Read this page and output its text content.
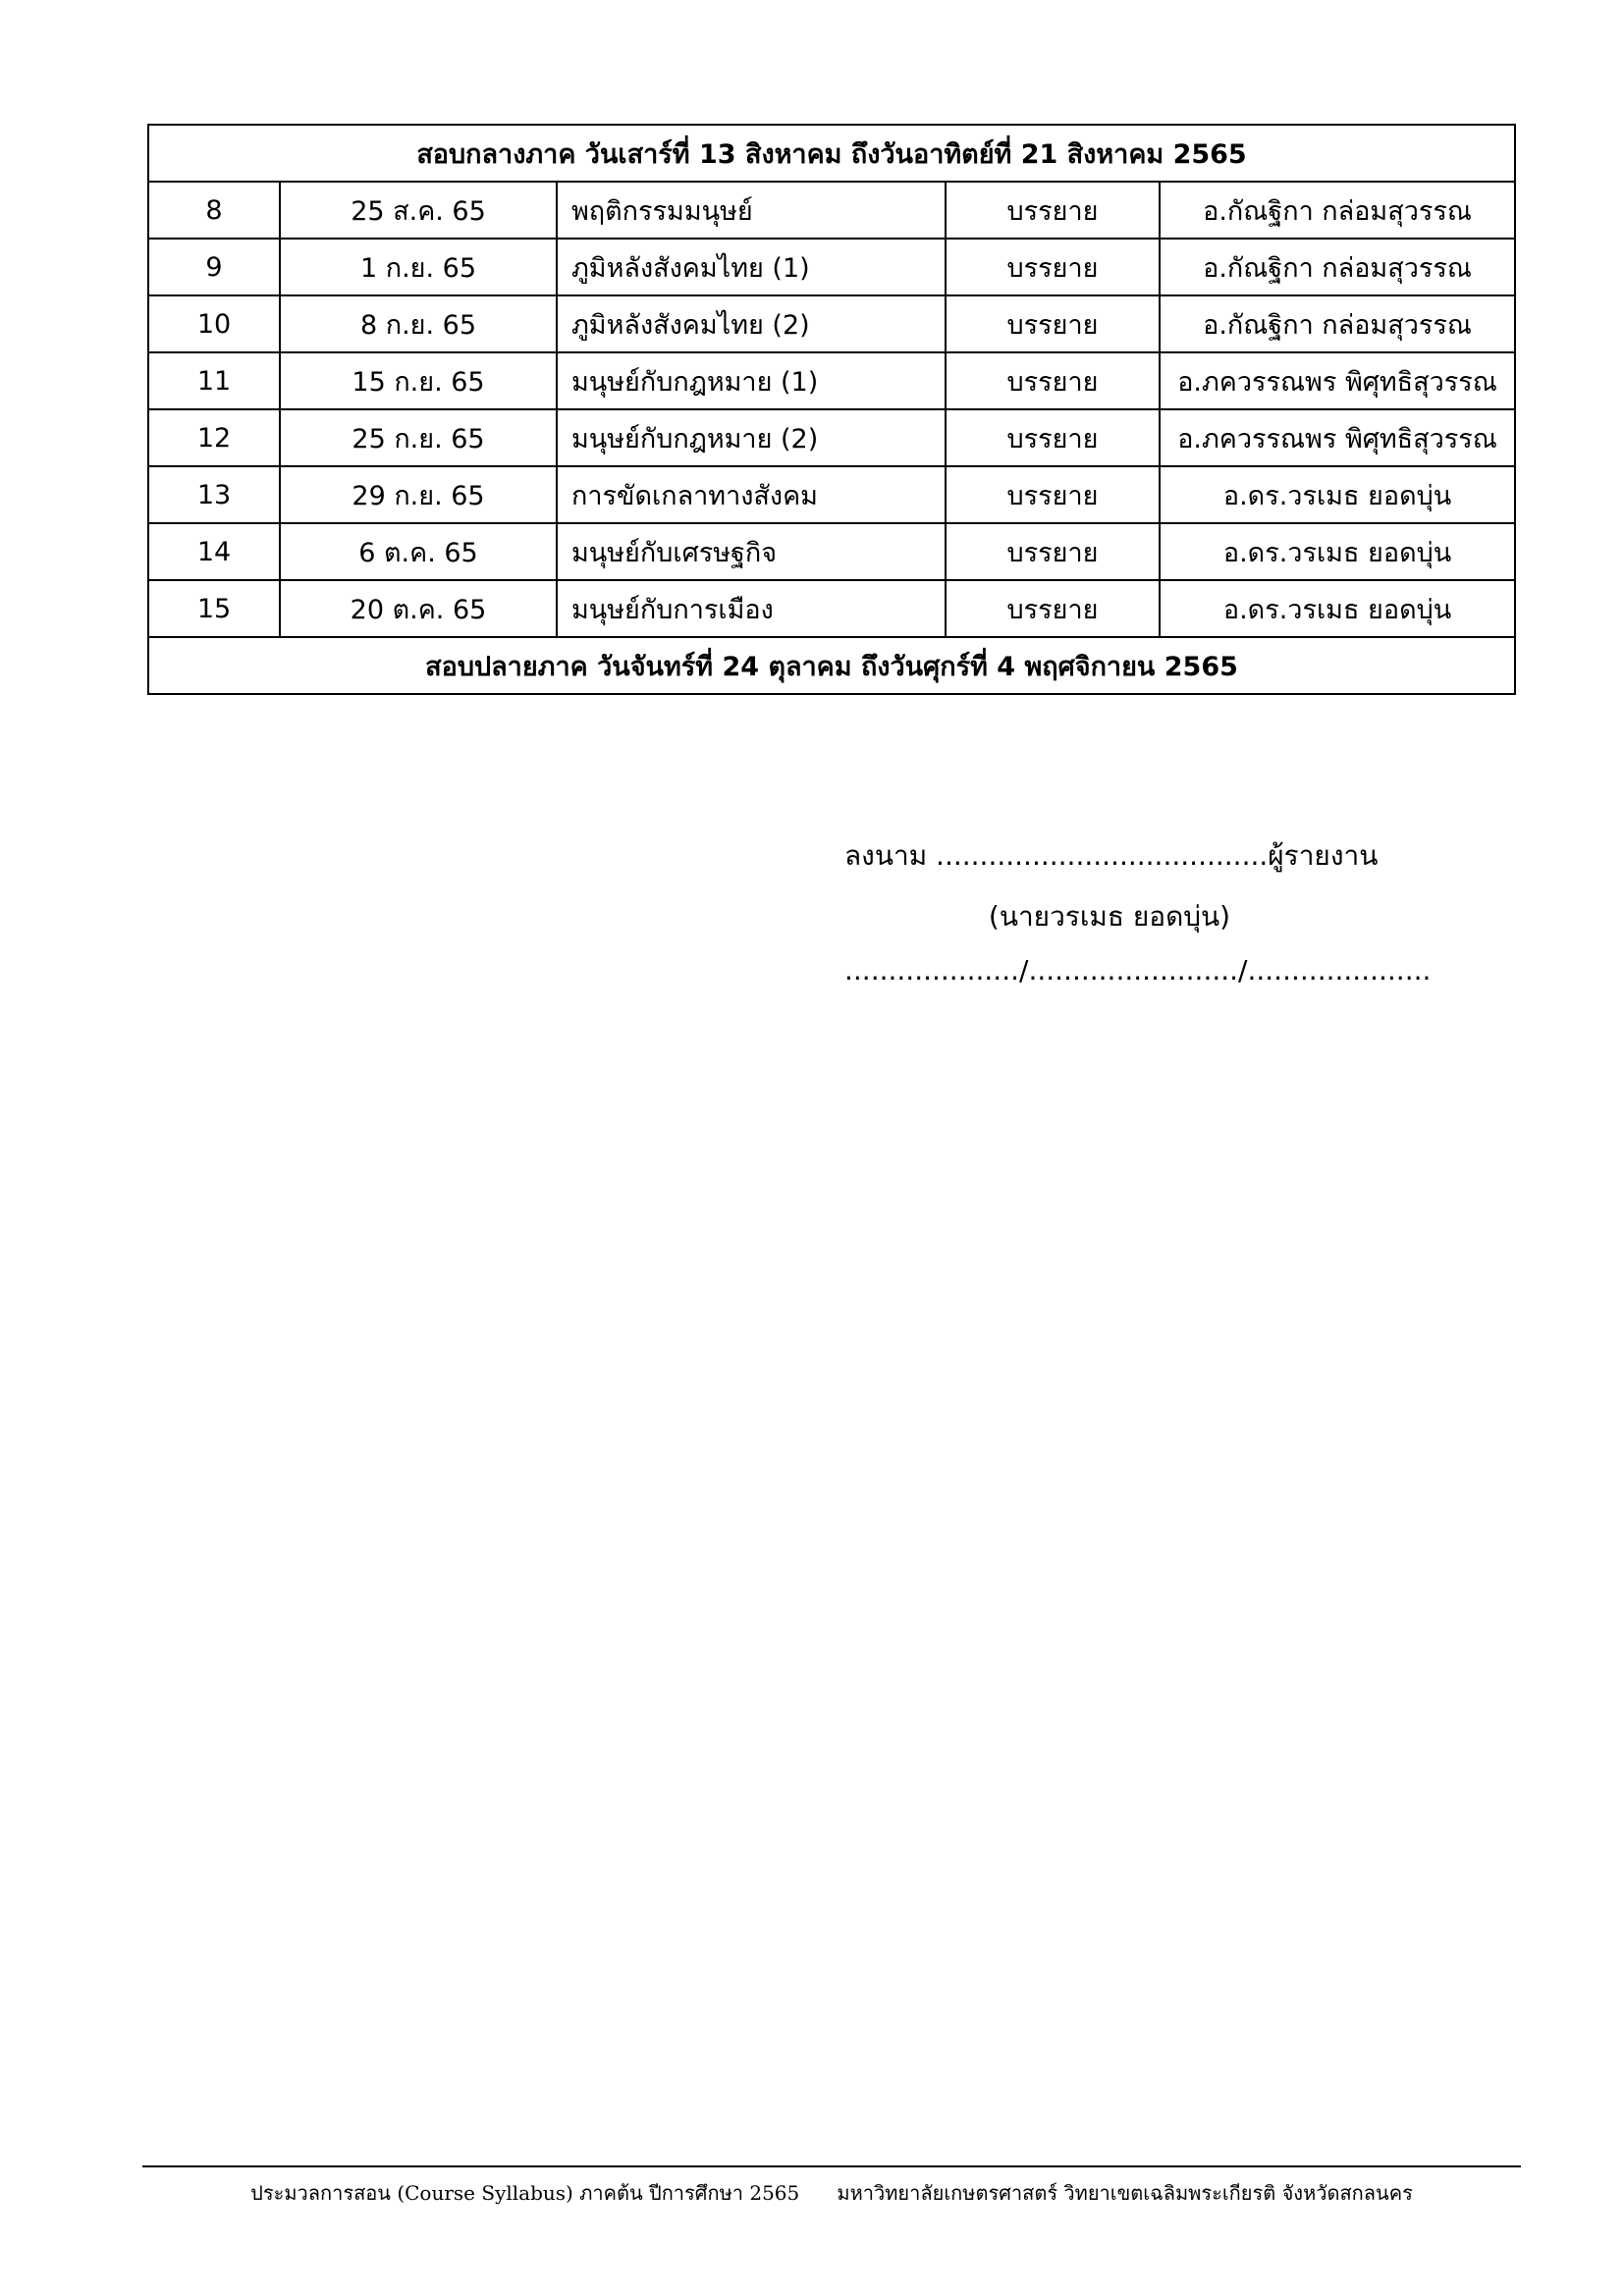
สอบกลางภาค วันเสาร์ที่ 13 สิงหาคม ถึงวันอาทิตย์ที่ 21 สิงหาคม 2565				
8	25 ส.ค. 65	พฤติกรรมมนุษย์	บรรยาย	อ.กัณฐิกา กล่อมสุวรรณ
9	1 ก.ย. 65	ภูมิหลังสังคมไทย (1)	บรรยาย	อ.กัณฐิกา กล่อมสุวรรณ
10	8 ก.ย. 65	ภูมิหลังสังคมไทย (2)	บรรยาย	อ.กัณฐิกา กล่อมสุวรรณ
11	15 ก.ย. 65	มนุษย์กับกฎหมาย (1)	บรรยาย	อ.ภควรรณพร พิศุทธิสุวรรณ
12	25 ก.ย. 65	มนุษย์กับกฎหมาย (2)	บรรยาย	อ.ภควรรณพร พิศุทธิสุวรรณ
13	29 ก.ย. 65	การขัดเกลาทางสังคม	บรรยาย	อ.ดร.วรเมธ ยอดบุ่น
14	6 ต.ค. 65	มนุษย์กับเศรษฐกิจ	บรรยาย	อ.ดร.วรเมธ ยอดบุ่น
15	20 ต.ค. 65	มนุษย์กับการเมือง	บรรยาย	อ.ดร.วรเมธ ยอดบุ่น
สอบปลายภาค วันจันทร์ที่ 24 ตุลาคม ถึงวันศุกร์ที่ 4 พฤศจิกายน 2565				
ลงนาม ......................................ผู้รายงาน
(นายวรเมธ ยอดบุ่น)
..................../......................../.....................
ประมวลการสอน (Course Syllabus) ภาคต้น ปีการศึกษา 2565      มหาวิทยาลัยเกษตรศาสตร์ วิทยาเขตเฉลิมพระเกียรติ จังหวัดสกลนคร
